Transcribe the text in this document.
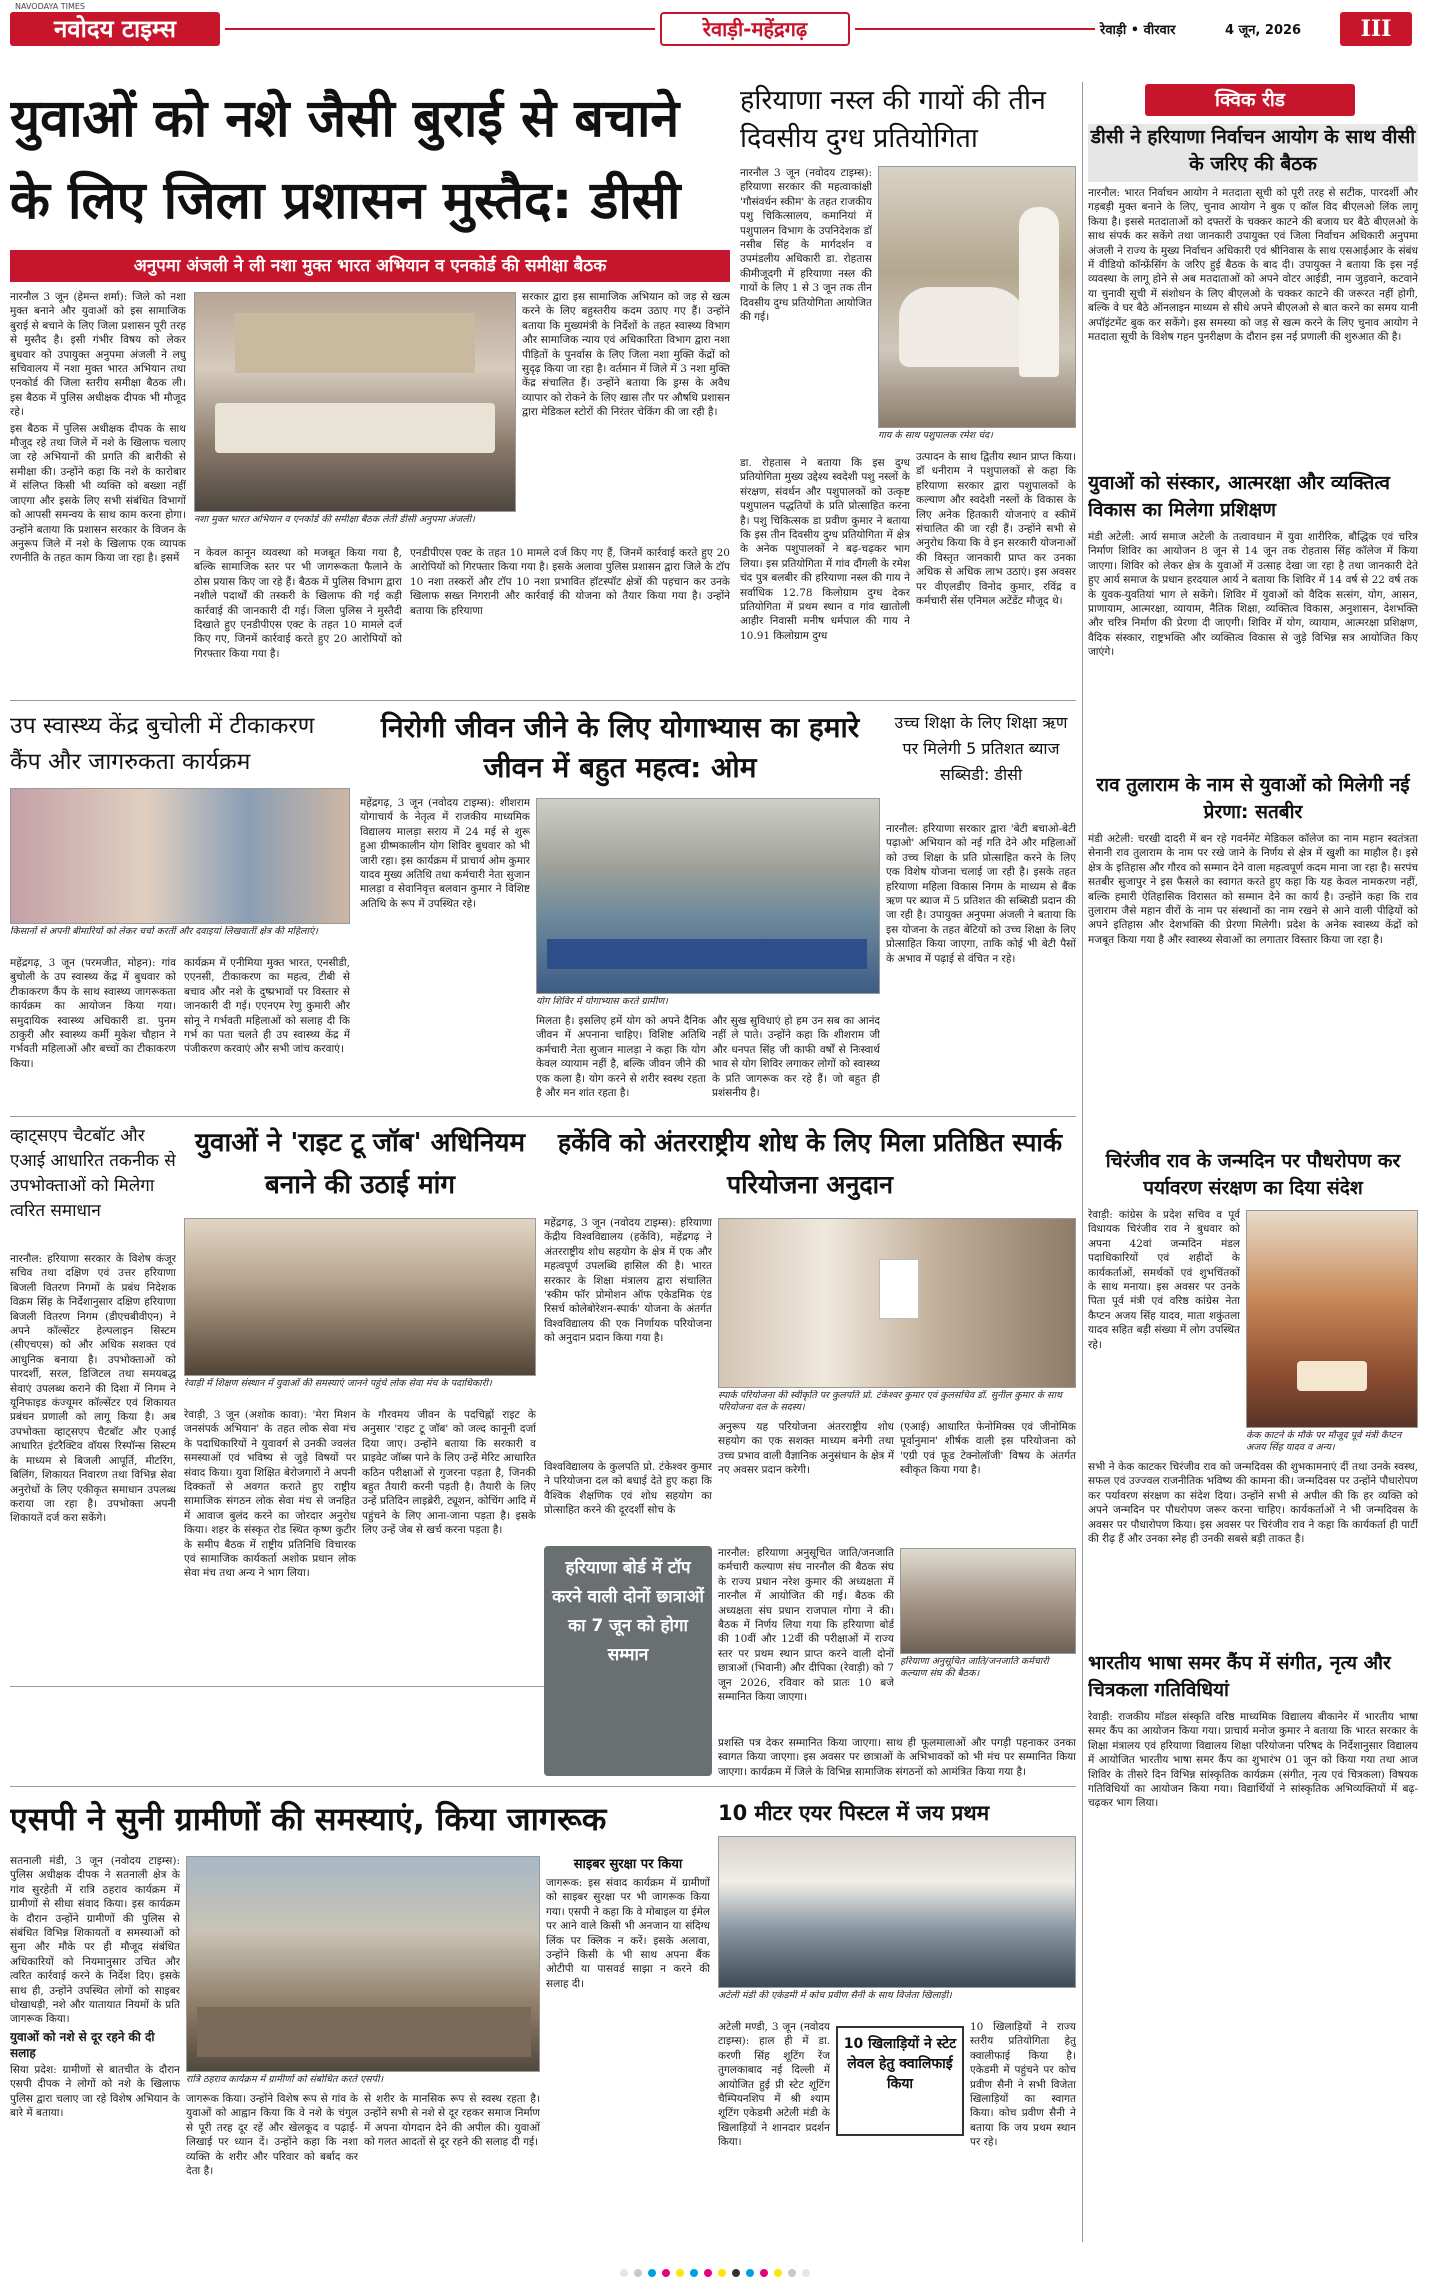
नवोदय टाइम्स
NAVODAYA TIMES
रेवाड़ी-महेंद्रगढ़	रेवाड़ी • वीरवार	4 जून, 2026	III
युवाओं को नशे जैसी बुराई से बचाने के लिए जिला प्रशासन मुस्तैद: डीसी
अनुपमा अंजली ने ली नशा मुक्त भारत अभियान व एनकोर्ड की समीक्षा बैठक

नारनौल 3 जून (हेमन्त शर्मा): जिले को नशा मुक्त बनाने और युवाओं को इस सामाजिक बुराई से बचाने के लिए जिला प्रशासन पूरी तरह से मुस्तैद है। इसी गंभीर विषय को लेकर बुधवार को उपायुक्त अनुपमा अंजली ने लघु सचिवालय में नशा मुक्त भारत अभियान तथा एनकोर्ड की जिला स्तरीय समीक्षा बैठक ली। इस बैठक में पुलिस अधीक्षक दीपक भी मौजूद रहे।

इस बैठक में पुलिस अधीक्षक दीपक के साथ मौजूद रहे तथा जिले में नशे के खिलाफ चलाए जा रहे अभियानों की प्रगति की बारीकी से समीक्षा की। उन्होंने कहा कि नशे के कारोबार में संलिप्त किसी भी व्यक्ति को बख्शा नहीं जाएगा और इसके लिए सभी संबंधित विभागों को आपसी समन्वय के साथ काम करना होगा। उन्होंने बताया कि प्रशासन सरकार के विजन के अनुरूप जिले में नशे के खिलाफ एक व्यापक रणनीति के तहत काम किया जा रहा है। इसमें

नशा मुक्त भारत अभियान व एनकोर्ड की समीक्षा बैठक लेती डीसी अनुपमा अंजली।
सरकार द्वारा इस सामाजिक अभियान को जड़ से खत्म करने के लिए बहुस्तरीय कदम उठाए गए हैं। उन्होंने बताया कि मुख्यमंत्री के निर्देशों के तहत स्वास्थ्य विभाग और सामाजिक न्याय एवं अधिकारिता विभाग द्वारा नशा पीड़ितों के पुनर्वास के लिए जिला नशा मुक्ति केंद्रों को सुदृढ़ किया जा रहा है। वर्तमान में जिले में 3 नशा मुक्ति केंद्र संचालित हैं। उन्होंने बताया कि ड्रग्स के अवैध व्यापार को रोकने के लिए खास तौर पर औषधि प्रशासन द्वारा मेडिकल स्टोरों की निरंतर चेकिंग की जा रही है।
न केवल कानून व्यवस्था को मजबूत किया गया है, बल्कि सामाजिक स्तर पर भी जागरूकता फैलाने के ठोस प्रयास किए जा रहे हैं। बैठक में पुलिस विभाग द्वारा नशीले पदार्थों की तस्करी के खिलाफ की गई कड़ी कार्रवाई की जानकारी दी गई। जिला पुलिस ने मुस्तैदी दिखाते हुए एनडीपीएस एक्ट के तहत 10 मामले दर्ज किए गए, जिनमें कार्रवाई करते हुए 20 आरोपियों को गिरफ्तार किया गया है।
एनडीपीएस एक्ट के तहत 10 मामले दर्ज किए गए हैं, जिनमें कार्रवाई करते हुए 20 आरोपियों को गिरफ्तार किया गया है। इसके अलावा पुलिस प्रशासन द्वारा जिले के टॉप 10 नशा तस्करों और टॉप 10 नशा प्रभावित हॉटस्पॉट क्षेत्रों की पहचान कर उनके खिलाफ सख्त निगरानी और कार्रवाई की योजना को तैयार किया गया है। उन्होंने बताया कि हरियाणा
हरियाणा नस्ल की गायों की तीन दिवसीय दुग्ध प्रतियोगिता
नारनौल 3 जून (नवोदय टाइम्स): हरियाणा सरकार की महत्वाकांक्षी 'गौसंवर्धन स्कीम' के तहत राजकीय पशु चिकित्सालय, कमानियां में पशुपालन विभाग के उपनिदेशक डॉ नसीब सिंह के मार्गदर्शन व उपमंडलीय अधिकारी डा. रोहतास कीमीजूदगी में हरियाणा नस्ल की गायों के लिए 1 से 3 जून तक तीन दिवसीय दुग्ध प्रतियोगिता आयोजित की गई।
गाय के साथ पशुपालक रमेश चंद।
डा. रोहतास ने बताया कि इस दुग्ध प्रतियोगिता मुख्य उद्देश्य स्वदेशी पशु नस्लों के संरक्षण, संवर्धन और पशुपालकों को उत्कृष्ट पशुपालन पद्धतियों के प्रति प्रोत्साहित करना है। पशु चिकित्सक डा प्रवीण कुमार ने बताया कि इस तीन दिवसीय दुग्ध प्रतियोगिता में क्षेत्र के अनेक पशुपालकों ने बढ़-चढ़कर भाग लिया। इस प्रतियोगिता में गांव दौंगली के रमेश चंद पुत्र बलबीर की हरियाणा नस्ल की गाय ने सर्वाधिक 12.78 किलोग्राम दुग्ध देकर प्रतियोगिता में प्रथम स्थान व गांव खातोली आहीर निवासी मनीष धर्मपाल की गाय ने 10.91 किलोग्राम दुग्ध
उत्पादन के साथ द्वितीय स्थान प्राप्त किया। डॉ धनीराम ने पशुपालकों से कहा कि हरियाणा सरकार द्वारा पशुपालकों के कल्याण और स्वदेशी नस्लों के विकास के लिए अनेक हितकारी योजनाएं व स्कीमें संचालित की जा रही हैं। उन्होंने सभी से अनुरोध किया कि वे इन सरकारी योजनाओं की विस्तृत जानकारी प्राप्त कर उनका अधिक से अधिक लाभ उठाएं। इस अवसर पर वीएलडीए विनोद कुमार, रविंद्र व कर्मचारी सेंस एनिमल अटेंडेंट मौजूद थे।
क्विक रीड
डीसी ने हरियाणा निर्वाचन आयोग के साथ वीसी के जरिए की बैठक
नारनौल: भारत निर्वाचन आयोग ने मतदाता सूची को पूरी तरह से सटीक, पारदर्शी और गड़बड़ी मुक्त बनाने के लिए, चुनाव आयोग ने बुक ए कॉल विद बीएलओ लिंक लागू किया है। इससे मतदाताओं को दफ्तरों के चक्कर काटने की बजाय घर बैठे बीएलओ के साथ संपर्क कर सकेंगे तथा जानकारी उपायुक्त एवं जिला निर्वाचन अधिकारी अनुपमा अंजली ने राज्य के मुख्य निर्वाचन अधिकारी एवं श्रीनिवास के साथ एसआईआर के संबंध में वीडियो कॉन्फ्रेंसिंग के जरिए हुई बैठक के बाद दी। उपायुक्त ने बताया कि इस नई व्यवस्था के लागू होने से अब मतदाताओं को अपने वोटर आईडी, नाम जुड़वाने, कटवाने या चुनावी सूची में संशोधन के लिए बीएलओ के चक्कर काटने की जरूरत नहीं होगी, बल्कि वे घर बैठे ऑनलाइन माध्यम से सीधे अपने बीएलओ से बात करने का समय यानी अपॉइंटमेंट बुक कर सकेंगे। इस समस्या को जड़ से खत्म करने के लिए चुनाव आयोग ने मतदाता सूची के विशेष गहन पुनरीक्षण के दौरान इस नई प्रणाली की शुरुआत की है।
युवाओं को संस्कार, आत्मरक्षा और व्यक्तित्व विकास का मिलेगा प्रशिक्षण
मंडी अटेली: आर्य समाज अटेली के तत्वावधान में युवा शारीरिक, बौद्धिक एवं चरित्र निर्माण शिविर का आयोजन 8 जून से 14 जून तक रोहतास सिंह कॉलेज में किया जाएगा। शिविर को लेकर क्षेत्र के युवाओं में उत्साह देखा जा रहा है तथा जानकारी देते हुए आर्य समाज के प्रधान हरदयाल आर्य ने बताया कि शिविर में 14 वर्ष से 22 वर्ष तक के युवक-युवतियां भाग ले सकेंगे। शिविर में युवाओं को वैदिक सत्संग, योग, आसन, प्राणायाम, आत्मरक्षा, व्यायाम, नैतिक शिक्षा, व्यक्तित्व विकास, अनुशासन, देशभक्ति और चरित्र निर्माण की प्रेरणा दी जाएगी। शिविर में योग, व्यायाम, आत्मरक्षा प्रशिक्षण, वैदिक संस्कार, राष्ट्रभक्ति और व्यक्तित्व विकास से जुड़े विभिन्न सत्र आयोजित किए जाएंगे।
राव तुलाराम के नाम से युवाओं को मिलेगी नई प्रेरणा: सतबीर
मंडी अटेली: चरखी दादरी में बन रहे गवर्नमेंट मेडिकल कॉलेज का नाम महान स्वतंत्रता सेनानी राव तुलाराम के नाम पर रखे जाने के निर्णय से क्षेत्र में खुशी का माहौल है। इसे क्षेत्र के इतिहास और गौरव को सम्मान देने वाला महत्वपूर्ण कदम माना जा रहा है। सरपंच सतबीर सुजापुर ने इस फैसले का स्वागत करते हुए कहा कि यह केवल नामकरण नहीं, बल्कि हमारी ऐतिहासिक विरासत को सम्मान देने का कार्य है। उन्होंने कहा कि राव तुलाराम जैसे महान वीरों के नाम पर संस्थानों का नाम रखने से आने वाली पीढ़ियों को अपने इतिहास और देशभक्ति की प्रेरणा मिलेगी। प्रदेश के अनेक स्वास्थ्य केंद्रों को मजबूत किया गया है और स्वास्थ्य सेवाओं का लगातार विस्तार किया जा रहा है।
चिरंजीव राव के जन्मदिन पर पौधरोपण कर पर्यावरण संरक्षण का दिया संदेश
रेवाड़ी: कांग्रेस के प्रदेश सचिव व पूर्व विधायक चिरंजीव राव ने बुधवार को अपना 42वां जन्मदिन मंडल पदाधिकारियों एवं शहीदों के कार्यकर्ताओं, समर्थकों एवं शुभचिंतकों के साथ मनाया। इस अवसर पर उनके पिता पूर्व मंत्री एवं वरिष्ठ कांग्रेस नेता कैप्टन अजय सिंह यादव, माता शकुंतला यादव सहित बड़ी संख्या में लोग उपस्थित रहे।
केक काटने के मौके पर मौजूद पूर्व मंत्री कैप्टन अजय सिंह यादव व अन्य।
सभी ने केक काटकर चिरंजीव राव को जन्मदिवस की शुभकामनाएं दीं तथा उनके स्वस्थ, सफल एवं उज्ज्वल राजनीतिक भविष्य की कामना की। जन्मदिवस पर उन्होंने पौधारोपण कर पर्यावरण संरक्षण का संदेश दिया। उन्होंने सभी से अपील की कि हर व्यक्ति को अपने जन्मदिन पर पौधरोपण जरूर करना चाहिए। कार्यकर्ताओं ने भी जन्मदिवस के अवसर पर पौधारोपण किया। इस अवसर पर चिरंजीव राव ने कहा कि कार्यकर्ता ही पार्टी की रीढ़ हैं और उनका स्नेह ही उनकी सबसे बड़ी ताकत है।
भारतीय भाषा समर कैंप में संगीत, नृत्य और चित्रकला गतिविधियां
रेवाड़ी: राजकीय मॉडल संस्कृति वरिष्ठ माध्यमिक विद्यालय बीकानेर में भारतीय भाषा समर कैंप का आयोजन किया गया। प्राचार्य मनोज कुमार ने बताया कि भारत सरकार के शिक्षा मंत्रालय एवं हरियाणा विद्यालय शिक्षा परियोजना परिषद के निर्देशानुसार विद्यालय में आयोजित भारतीय भाषा समर कैंप का शुभारंभ 01 जून को किया गया तथा आज शिविर के तीसरे दिन विभिन्न सांस्कृतिक कार्यक्रम (संगीत, नृत्य एवं चित्रकला) विषयक गतिविधियों का आयोजन किया गया। विद्यार्थियों ने सांस्कृतिक अभिव्यक्तियों में बढ़-चढ़कर भाग लिया।
उप स्वास्थ्य केंद्र बुचोली में टीकाकरण कैंप और जागरुकता कार्यक्रम
किसानों से अपनी बीमारियों को लेकर चर्चा करतीं और दवाइयां लिखवातीं क्षेत्र की महिलाएं।
महेंद्रगढ़, 3 जून (परमजीत, मोहन): गांव बुचोली के उप स्वास्थ्य केंद्र में बुधवार को टीकाकरण कैंप के साथ स्वास्थ्य जागरूकता कार्यक्रम का आयोजन किया गया। समुदायिक स्वास्थ्य अधिकारी डा. पुनम ठाकुरी और स्वास्थ्य कर्मी मुकेश चौहान ने गर्भवती महिलाओं और बच्चों का टीकाकरण किया।
कार्यक्रम में एनीमिया मुक्त भारत, एनसीडी, एएनसी, टीकाकरण का महत्व, टीबी से बचाव और नशे के दुष्प्रभावों पर विस्तार से जानकारी दी गई। एएनएम रेणु कुमारी और सोनू ने गर्भवती महिलाओं को सलाह दी कि गर्भ का पता चलते ही उप स्वास्थ्य केंद्र में पंजीकरण करवाएं और सभी जांच करवाएं।
निरोगी जीवन जीने के लिए योगाभ्यास का हमारे जीवन में बहुत महत्व: ओम
महेंद्रगढ़, 3 जून (नवोदय टाइम्स): शीशराम योगाचार्य के नेतृत्व में राजकीय माध्यमिक विद्यालय मालड़ा सराय में 24 मई से शुरू हुआ ग्रीष्मकालीन योग शिविर बुधवार को भी जारी रहा। इस कार्यक्रम में प्राचार्य ओम कुमार यादव मुख्य अतिथि तथा कर्मचारी नेता सुजान मालड़ा व सेवानिवृत्त बलवान कुमार ने विशिष्ट अतिथि के रूप में उपस्थित रहे।
योग शिविर में योगाभ्यास करते ग्रामीण।
मिलता है। इसलिए हमें योग को अपने दैनिक जीवन में अपनाना चाहिए। विशिष्ट अतिथि कर्मचारी नेता सुजान मालड़ा ने कहा कि योग केवल व्यायाम नहीं है, बल्कि जीवन जीने की एक कला है। योग करने से शरीर स्वस्थ रहता है और मन शांत रहता है।
और सुख सुविधाएं हो हम उन सब का आनंद नहीं ले पाते। उन्होंने कहा कि शीशराम जी और धनपत सिंह जी काफी वर्षों से निःस्वार्थ भाव से योग शिविर लगाकर लोगों को स्वास्थ्य के प्रति जागरूक कर रहे हैं। जो बहुत ही प्रशंसनीय है।
उच्च शिक्षा के लिए शिक्षा ऋण पर मिलेगी 5 प्रतिशत ब्याज सब्सिडी: डीसी
नारनौल: हरियाणा सरकार द्वारा 'बेटी बचाओ-बेटी पढ़ाओ' अभियान को नई गति देने और महिलाओं को उच्च शिक्षा के प्रति प्रोत्साहित करने के लिए एक विशेष योजना चलाई जा रही है। इसके तहत हरियाणा महिला विकास निगम के माध्यम से बैंक ऋण पर ब्याज में 5 प्रतिशत की सब्सिडी प्रदान की जा रही है। उपायुक्त अनुपमा अंजली ने बताया कि इस योजना के तहत बेटियों को उच्च शिक्षा के लिए प्रोत्साहित किया जाएगा, ताकि कोई भी बेटी पैसों के अभाव में पढ़ाई से वंचित न रहे।
व्हाट्सएप चैटबॉट और एआई आधारित तकनीक से उपभोक्ताओं को मिलेगा त्वरित समाधान
नारनौल: हरियाणा सरकार के विशेष कंजूर सचिव तथा दक्षिण एवं उत्तर हरियाणा बिजली वितरण निगमों के प्रबंध निदेशक विक्रम सिंह के निर्देशानुसार दक्षिण हरियाणा बिजली वितरण निगम (डीएचबीवीएन) ने अपने कॉल्सेंटर हेल्पलाइन सिस्टम (सीएचएस) को और अधिक सशक्त एवं आधुनिक बनाया है। उपभोक्ताओं को पारदर्शी, सरल, डिजिटल तथा समयबद्ध सेवाएं उपलब्ध कराने की दिशा में निगम ने यूनिफाइड कंज्यूमर कॉल्सेंटर एवं शिकायत प्रबंधन प्रणाली को लागू किया है। अब उपभोक्ता व्हाट्सएप चैटबॉट और एआई आधारित इंटरैक्टिव वॉयस रिस्पॉन्स सिस्टम के माध्यम से बिजली आपूर्ति, मीटरिंग, बिलिंग, शिकायत निवारण तथा विभिन्न सेवा अनुरोधों के लिए एकीकृत समाधान उपलब्ध कराया जा रहा है। उपभोक्ता अपनी शिकायतें दर्ज करा सकेंगे।
युवाओं ने 'राइट टू जॉब' अधिनियम बनाने की उठाई मांग
रेवाड़ी में शिक्षण संस्थान में युवाओं की समस्याएं जानने पहुंचे लोक सेवा मंच के पदाधिकारी।
रेवाड़ी, 3 जून (अशोक कावा): 'मेरा मिशन जनसंपर्क अभियान' के तहत लोक सेवा मंच के पदाधिकारियों ने युवावर्ग से उनकी ज्वलंत समस्याओं एवं भविष्य से जुड़े विषयों पर संवाद किया। युवा शिक्षित बेरोजगारों ने अपनी दिक्कतों से अवगत कराते हुए राष्ट्रीय सामाजिक संगठन लोक सेवा मंच से जनहित में आवाज बुलंद करने का जोरदार अनुरोध किया। शहर के संस्कृत रोड स्थित कृष्ण कुटीर के समीप बैठक में राष्ट्रीय प्रतिनिधि विचारक एवं सामाजिक कार्यकर्ता अशोक प्रधान लोक सेवा मंच तथा अन्य ने भाग लिया।
के गौरवमय जीवन के पदचिह्नों राइट के अनुसार 'राइट टू जॉब' को जल्द कानूनी दर्जा दिया जाए। उन्होंने बताया कि सरकारी व प्राइवेट जॉब्स पाने के लिए उन्हें मेरिट आधारित कठिन परीक्षाओं से गुजरना पड़ता है, जिनकी बहुत तैयारी करनी पड़ती है। तैयारी के लिए उन्हें प्रतिदिन लाइब्रेरी, ट्यूशन, कोचिंग आदि में पहुंचने के लिए आना-जाना पड़ता है। इसके लिए उन्हें जेब से खर्च करना पड़ता है।
हकेंवि को अंतरराष्ट्रीय शोध के लिए मिला प्रतिष्ठित स्पार्क परियोजना अनुदान
महेंद्रगढ़, 3 जून (नवोदय टाइम्स): हरियाणा केंद्रीय विश्वविद्यालय (हकेंवि), महेंद्रगढ़ ने अंतरराष्ट्रीय शोध सहयोग के क्षेत्र में एक और महत्वपूर्ण उपलब्धि हासिल की है। भारत सरकार के शिक्षा मंत्रालय द्वारा संचालित 'स्कीम फॉर प्रोमोशन ऑफ एकेडमिक एंड रिसर्च कोलेबोरेशन-स्पार्क' योजना के अंतर्गत विश्वविद्यालय की एक निर्णायक परियोजना को अनुदान प्रदान किया गया है।
स्पार्क परियोजना की स्वीकृति पर कुलपति प्रो. टंकेश्वर कुमार एवं कुलसचिव डॉ. सुनील कुमार के साथ परियोजना दल के सदस्य।
विश्वविद्यालय के कुलपति प्रो. टंकेश्वर कुमार ने परियोजना दल को बधाई देते हुए कहा कि वैश्विक शैक्षणिक एवं शोध सहयोग का प्रोत्साहित करने की दूरदर्शी सोच के
अनुरूप यह परियोजना अंतरराष्ट्रीय शोध सहयोग का एक सशक्त माध्यम बनेगी तथा उच्च प्रभाव वाली वैज्ञानिक अनुसंधान के क्षेत्र में नए अवसर प्रदान करेगी।
(एआई) आधारित फेनोमिक्स एवं जीनोमिक पूर्वानुमान' शीर्षक वाली इस परियोजना को 'एग्री एवं फूड टेक्नोलॉजी' विषय के अंतर्गत स्वीकृत किया गया है।
हरियाणा बोर्ड में टॉप करने वाली दोनों छात्राओं का 7 जून को होगा सम्मान
नारनौल: हरियाणा अनुसूचित जाति/जनजाति कर्मचारी कल्याण संघ नारनौल की बैठक संघ के राज्य प्रधान नरेश कुमार की अध्यक्षता में नारनौल में आयोजित की गई। बैठक की अध्यक्षता संघ प्रधान राजपाल गोगा ने की। बैठक में निर्णय लिया गया कि हरियाणा बोर्ड की 10वीं और 12वीं की परीक्षाओं में राज्य स्तर पर प्रथम स्थान प्राप्त करने वाली दोनों छात्राओं (भिवानी) और दीपिका (रेवाड़ी) को 7 जून 2026, रविवार को प्रातः 10 बजे सम्मानित किया जाएगा।
हरियाणा अनुसूचित जाति/जनजाति कर्मचारी कल्याण संघ की बैठक।
प्रशस्ति पत्र देकर सम्मानित किया जाएगा। साथ ही फूलमालाओं और पगड़ी पहनाकर उनका स्वागत किया जाएगा। इस अवसर पर छात्राओं के अभिभावकों को भी मंच पर सम्मानित किया जाएगा। कार्यक्रम में जिले के विभिन्न सामाजिक संगठनों को आमंत्रित किया गया है।
एसपी ने सुनी ग्रामीणों की समस्याएं, किया जागरूक

सतनाली मंडी, 3 जून (नवोदय टाइम्स): पुलिस अधीक्षक दीपक ने सतनाली क्षेत्र के गांव सुरहेती में रात्रि ठहराव कार्यक्रम में ग्रामीणों से सीधा संवाद किया। इस कार्यक्रम के दौरान उन्होंने ग्रामीणों की पुलिस से संबंधित विभिन्न शिकायतों व समस्याओं को सुना और मौके पर ही मौजूद संबंधित अधिकारियों को नियमानुसार उचित और त्वरित कार्रवाई करने के निर्देश दिए। इसके साथ ही, उन्होंने उपस्थित लोगों को साइबर धोखाधड़ी, नशे और यातायात नियमों के प्रति जागरूक किया।

युवाओं को नशे से दूर रहने की दी सलाह

सिया प्रदेश: ग्रामीणों से बातचीत के दौरान एसपी दीपक ने लोगों को नशे के खिलाफ पुलिस द्वारा चलाए जा रहे विशेष अभियान के बारे में बताया।

रात्रि ठहराव कार्यक्रम में ग्रामीणों को संबोधित करते एसपी।
जागरूक किया। उन्होंने विशेष रूप से गांव के युवाओं को आह्वान किया कि वे नशे के चंगुल से पूरी तरह दूर रहें और खेलकूद व पढ़ाई-लिखाई पर ध्यान दें। उन्होंने कहा कि नशा व्यक्ति के शरीर और परिवार को बर्बाद कर देता है।
से शरीर के मानसिक रूप से स्वस्थ रहता है। उन्होंने सभी से नशे से दूर रहकर समाज निर्माण में अपना योगदान देने की अपील की। युवाओं को गलत आदतों से दूर रहने की सलाह दी गई।
साइबर सुरक्षा पर किया
जागरूक: इस संवाद कार्यक्रम में ग्रामीणों को साइबर सुरक्षा पर भी जागरूक किया गया। एसपी ने कहा कि वे मोबाइल या ईमेल पर आने वाले किसी भी अनजान या संदिग्ध लिंक पर क्लिक न करें। इसके अलावा, उन्होंने किसी के भी साथ अपना बैंक ओटीपी या पासवर्ड साझा न करने की सलाह दी।
10 मीटर एयर पिस्टल में जय प्रथम
अटेली मंडी की एकेडमी में कोच प्रवीण सैनी के साथ विजेता खिलाड़ी।
अटेली मण्डी, 3 जून (नवोदय टाइम्स): हाल ही में डा. करणी सिंह शूटिंग रेंज तुगलकाबाद नई दिल्ली में आयोजित हुई प्री स्टेट शूटिंग चैम्पियनशिप में श्री श्याम शूटिंग एकेडमी अटेली मंडी के खिलाड़ियों ने शानदार प्रदर्शन किया।
10 खिलाड़ियों ने स्टेट लेवल हेतु क्वालिफाई किया
10 खिलाड़ियों ने राज्य स्तरीय प्रतियोगिता हेतु क्वालीफाई किया है। एकेडमी में पहुंचने पर कोच प्रवीण सैनी ने सभी विजेता खिलाड़ियों का स्वागत किया। कोच प्रवीण सैनी ने बताया कि जय प्रथम स्थान पर रहे।
